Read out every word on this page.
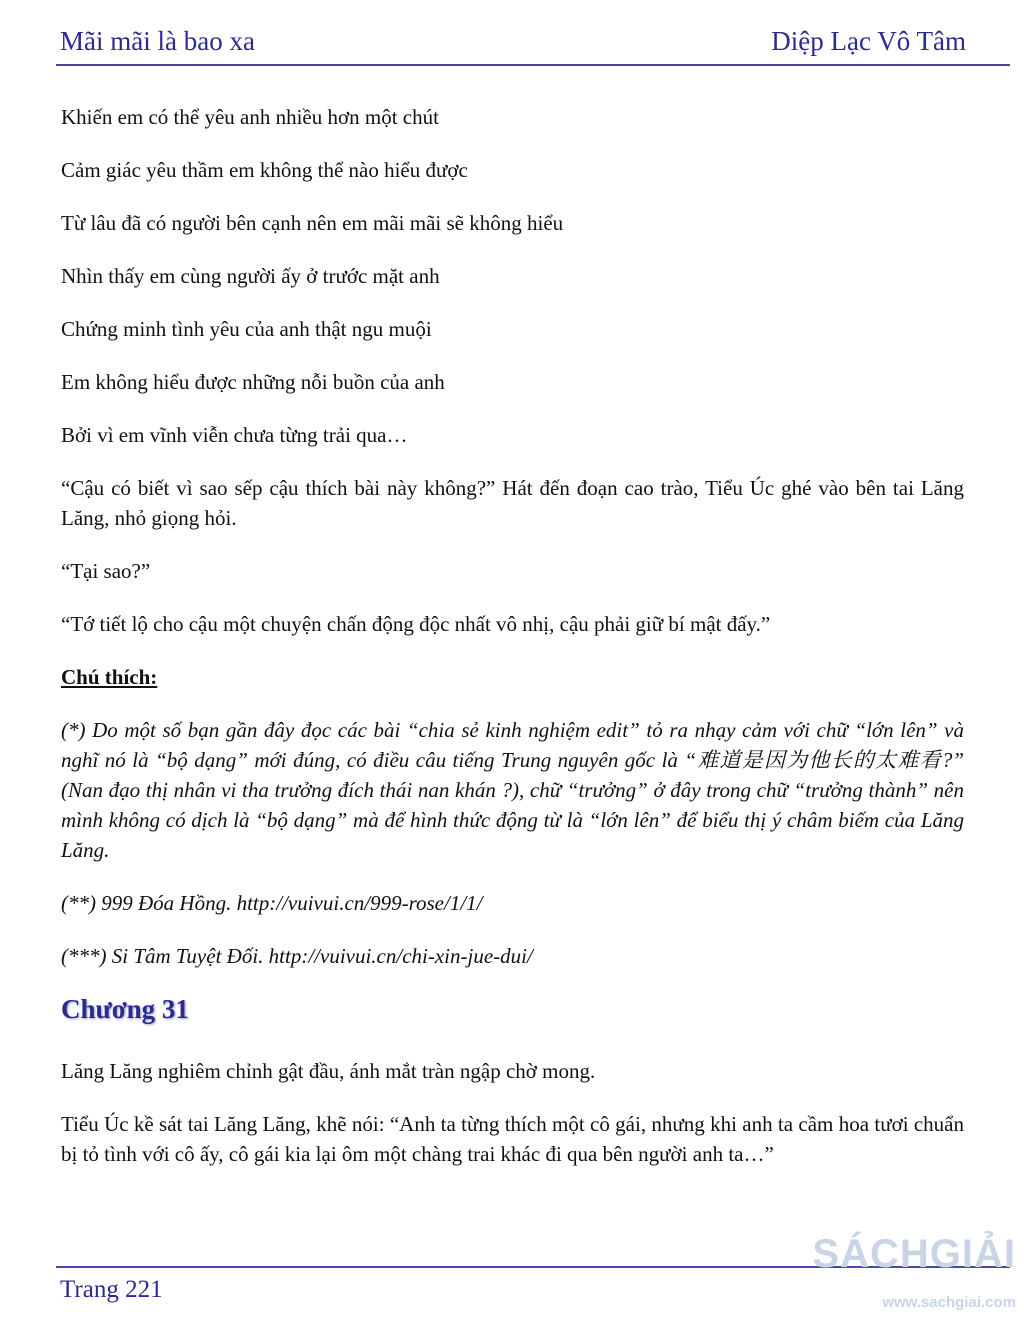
Mãi mãi là bao xa	Diệp Lạc Vô Tâm

Khiến em có thể yêu anh nhiều hơn một chút

Cảm giác yêu thầm em không thể nào hiểu được

Từ lâu đã có người bên cạnh nên em mãi mãi sẽ không hiểu

Nhìn thấy em cùng người ấy ở trước mặt anh

Chứng minh tình yêu của anh thật ngu muội

Em không hiểu được những nỗi buồn của anh

Bởi vì em vĩnh viễn chưa từng trải qua…

“Cậu có biết vì sao sếp cậu thích bài này không?” Hát đến đoạn cao trào, Tiểu Úc ghé vào bên tai Lăng Lăng, nhỏ giọng hỏi.

“Tại sao?”

“Tớ tiết lộ cho cậu một chuyện chấn động độc nhất vô nhị, cậu phải giữ bí mật đấy.”

Chú thích:

(*) Do một số bạn gần đây đọc các bài “chia sẻ kinh nghiệm edit” tỏ ra nhạy cảm với chữ “lớn lên” và nghĩ nó là “bộ dạng” mới đúng, có điều câu tiếng Trung nguyên gốc là “难道是因为他长的太难看?” (Nan đạo thị nhân vi tha trưởng đích thái nan khán ?), chữ “trưởng” ở đây trong chữ “trưởng thành” nên mình không có dịch là “bộ dạng” mà để hình thức động từ là “lớn lên” để biểu thị ý châm biếm của Lăng Lăng.

(**) 999 Đóa Hồng. http://vuivui.cn/999-rose/1/1/

(***) Si Tâm Tuyệt Đối. http://vuivui.cn/chi-xin-jue-dui/

Chương 31

Lăng Lăng nghiêm chỉnh gật đầu, ánh mắt tràn ngập chờ mong.

Tiểu Úc kề sát tai Lăng Lăng, khẽ nói: “Anh ta từng thích một cô gái, nhưng khi anh ta cầm hoa tươi chuẩn bị tỏ tình với cô ấy, cô gái kia lại ôm một chàng trai khác đi qua bên người anh ta…”

Trang 221
SÁCHGIẢI
www.sachgiai.com
